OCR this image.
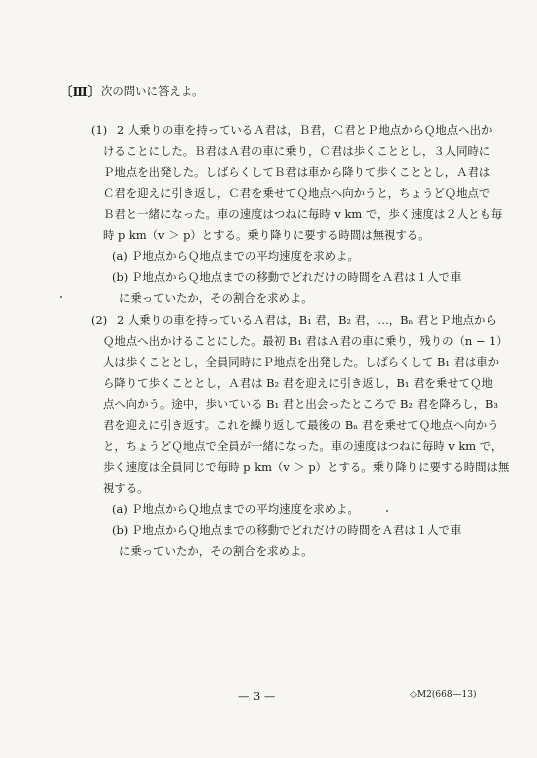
〔Ⅲ〕 次の問いに答えよ。
(1) 2 人乗りの車を持っているＡ君は，Ｂ君，Ｃ君とＰ地点からＱ地点へ出か
けることにした。Ｂ君はＡ君の車に乗り，Ｃ君は歩くこととし，３人同時に
Ｐ地点を出発した。しばらくしてＢ君は車から降りて歩くこととし，Ａ君は
Ｃ君を迎えに引き返し，Ｃ君を乗せてＱ地点へ向かうと，ちょうどＱ地点で
Ｂ君と一緒になった。車の速度はつねに毎時 v km で，歩く速度は２人とも毎
時 p km（v ＞ p）とする。乗り降りに要する時間は無視する。
(a) Ｐ地点からＱ地点までの平均速度を求めよ。
(b) Ｐ地点からＱ地点までの移動でどれだけの時間をＡ君は１人で車
に乗っていたか，その割合を求めよ。
(2) 2 人乗りの車を持っているＡ君は，B₁ 君，B₂ 君，…，Bₙ 君とＰ地点から
Ｑ地点へ出かけることにした。最初 B₁ 君はＡ君の車に乗り，残りの（n − 1）
人は歩くこととし，全員同時にＰ地点を出発した。しばらくして B₁ 君は車か
ら降りて歩くこととし，Ａ君は B₂ 君を迎えに引き返し，B₁ 君を乗せてＱ地
点へ向かう。途中，歩いている B₁ 君と出会ったところで B₂ 君を降ろし，B₃
君を迎えに引き返す。これを繰り返して最後の Bₙ 君を乗せてＱ地点へ向かう
と，ちょうどＱ地点で全員が一緒になった。車の速度はつねに毎時 v km で，
歩く速度は全員同じで毎時 p km（v ＞ p）とする。乗り降りに要する時間は無
視する。
(a) Ｐ地点からＱ地点までの平均速度を求めよ。
(b) Ｐ地点からＱ地点までの移動でどれだけの時間をＡ君は１人で車
に乗っていたか，その割合を求めよ。
— 3 —	◇M2(668—13)
